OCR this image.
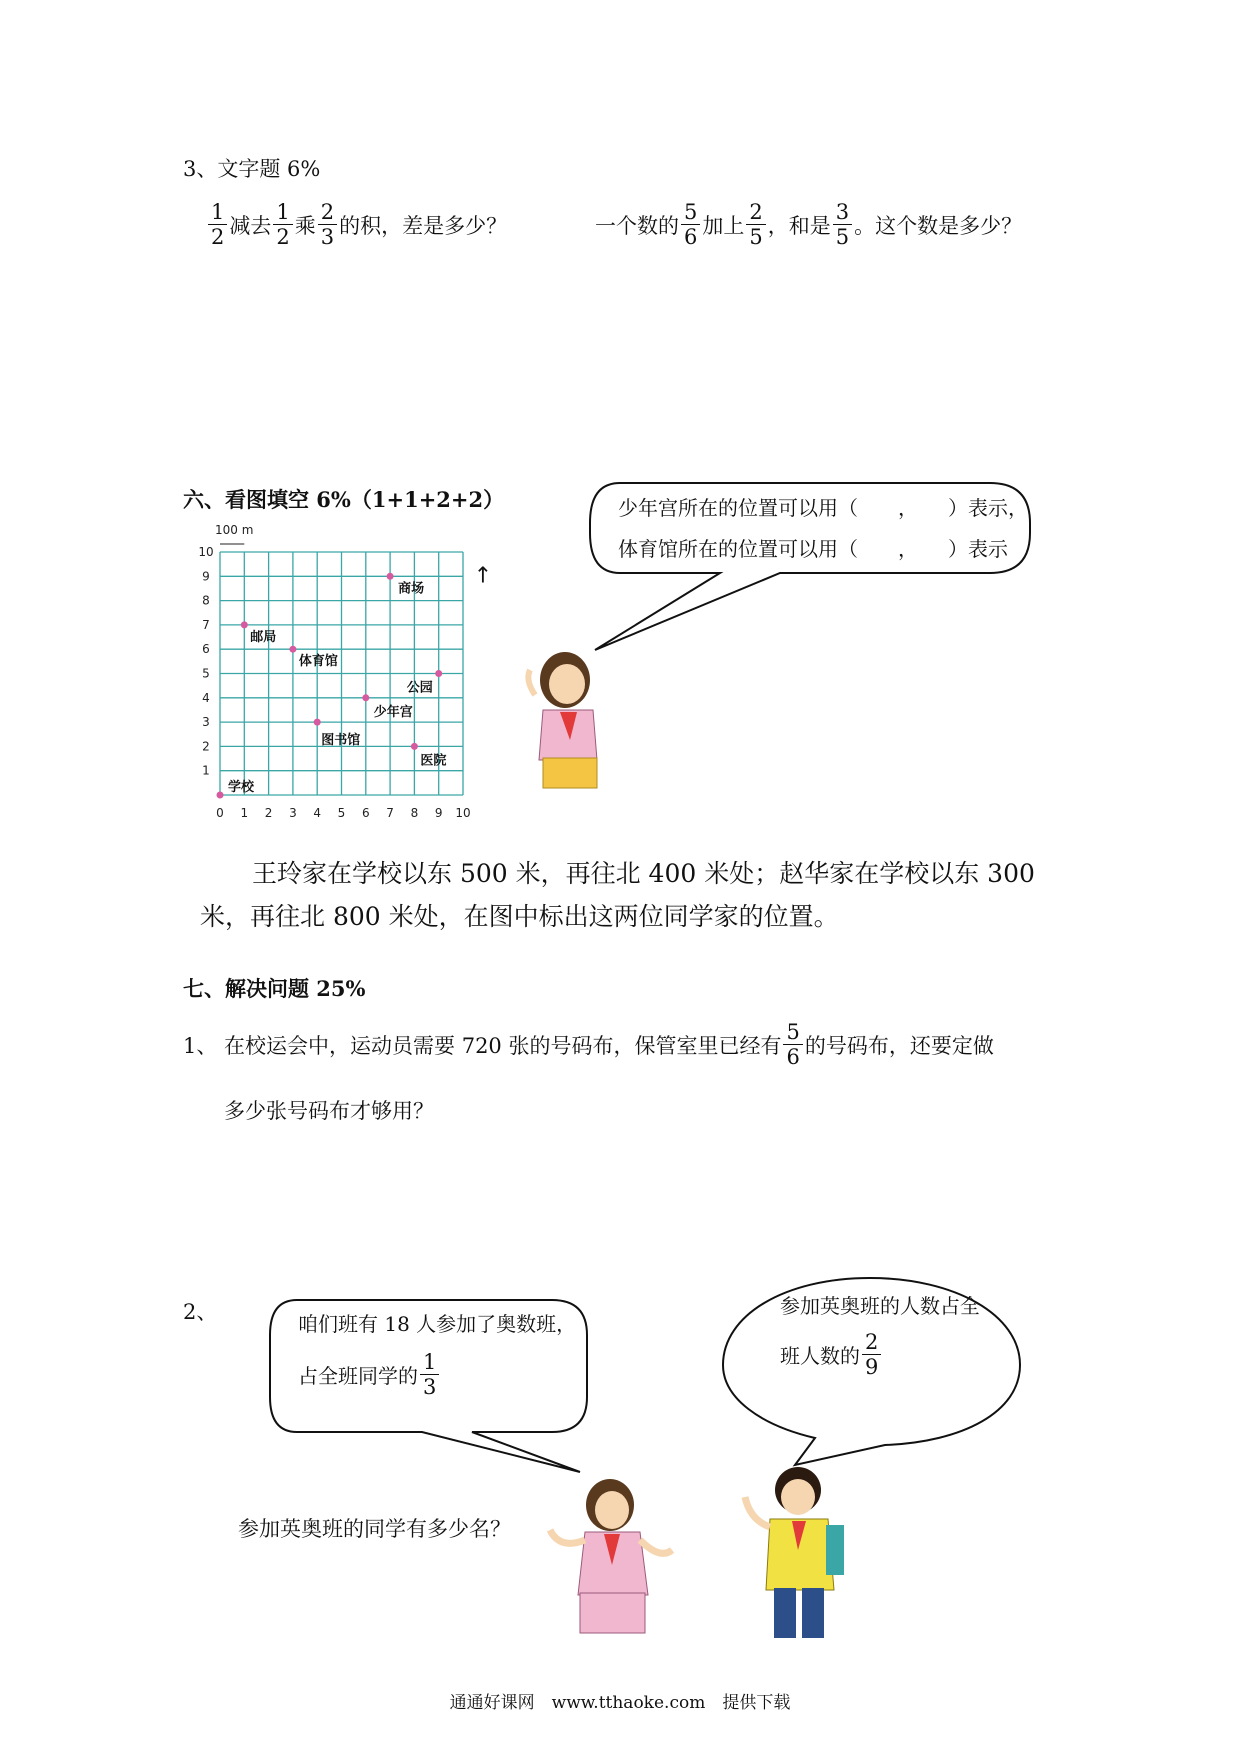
3、文字题 6%
$\frac{1}{2}$ 减去 $\frac{1}{2}$ 乘 $\frac{2}{3}$ 的积，差是多少？	一个数的 $\frac{5}{6}$ 加上 $\frac{2}{5}$ ，和是 $\frac{3}{5}$ 。这个数是多少？
六、看图填空 6%（1+1+2+2）	少年宫所在的位置可以用（　　，　　）表示，
体育馆所在的位置可以用（　　，　　）表示
100 m
0 1 2 3 4 5 6 7 8 9 10
1
2
3
4
5
6
7
8
9
10
↑
学校
邮局
体育馆
商场
公园
少年宫
图书馆
医院
王玲家在学校以东 500 米，再往北 400 米处；赵华家在学校以东 300
米，再往北 800 米处，在图中标出这两位同学家的位置。
七、解决问题 25%
1、 在校运会中，运动员需要 720 张的号码布，保管室里已经有 $\frac{5}{6}$ 的号码布，还要定做
多少张号码布才够用？
2、	咱们班有 18 人参加了奥数班，
占全班同学的 $\frac{1}{3}$
参加英奥班的人数占全
班人数的 $\frac{2}{9}$
参加英奥班的同学有多少名？
通通好课网　www.tthaoke.com　提供下载
